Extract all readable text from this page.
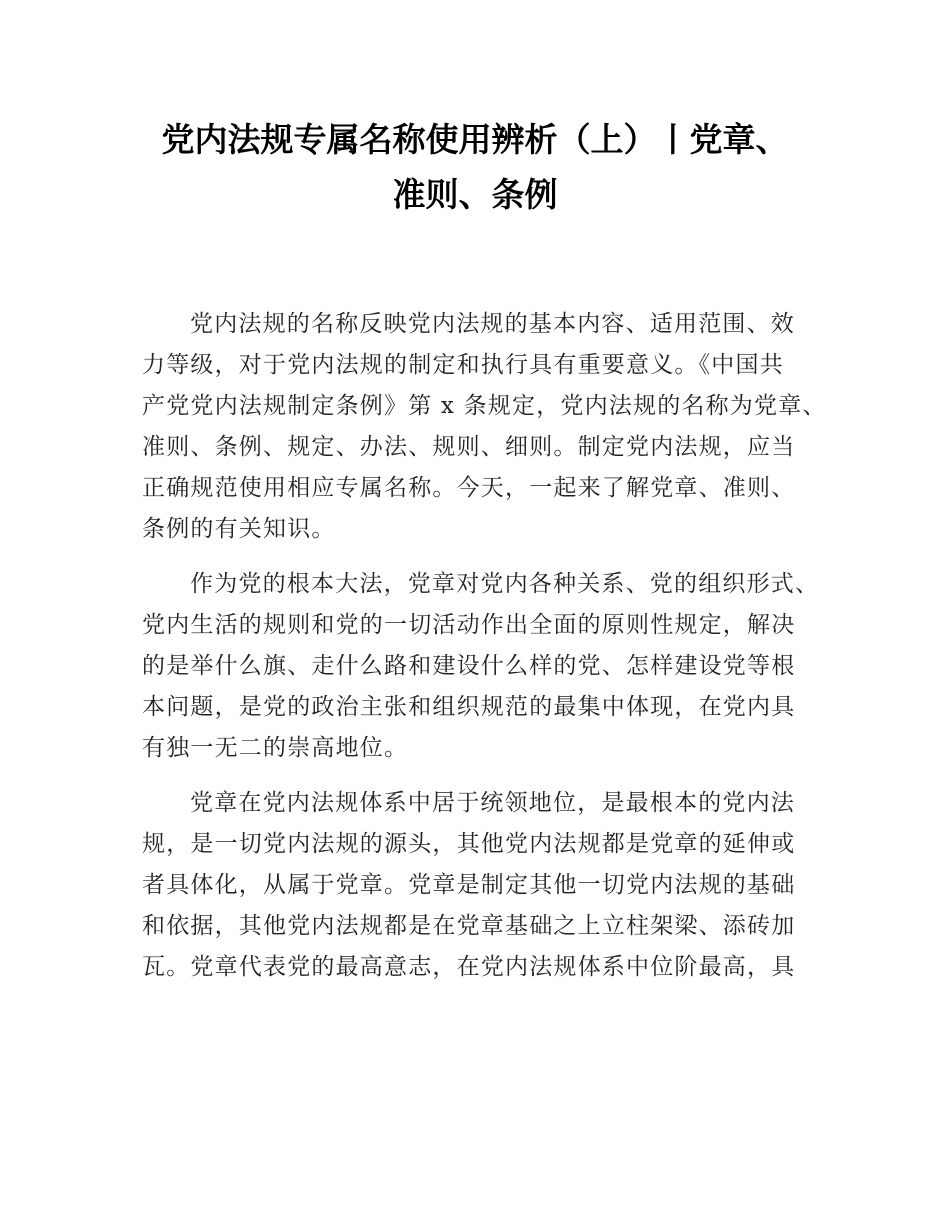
党内法规专属名称使用辨析（上）丨党章、
准则、条例
党内法规的名称反映党内法规的基本内容、适用范围、效
力等级，对于党内法规的制定和执行具有重要意义。《中国共
产党党内法规制定条例》第 x 条规定，党内法规的名称为党章、
准则、条例、规定、办法、规则、细则。制定党内法规，应当
正确规范使用相应专属名称。今天，一起来了解党章、准则、
条例的有关知识。
作为党的根本大法，党章对党内各种关系、党的组织形式、
党内生活的规则和党的一切活动作出全面的原则性规定，解决
的是举什么旗、走什么路和建设什么样的党、怎样建设党等根
本问题，是党的政治主张和组织规范的最集中体现，在党内具
有独一无二的崇高地位。
党章在党内法规体系中居于统领地位，是最根本的党内法
规，是一切党内法规的源头，其他党内法规都是党章的延伸或
者具体化，从属于党章。党章是制定其他一切党内法规的基础
和依据，其他党内法规都是在党章基础之上立柱架梁、添砖加
瓦。党章代表党的最高意志，在党内法规体系中位阶最高，具
